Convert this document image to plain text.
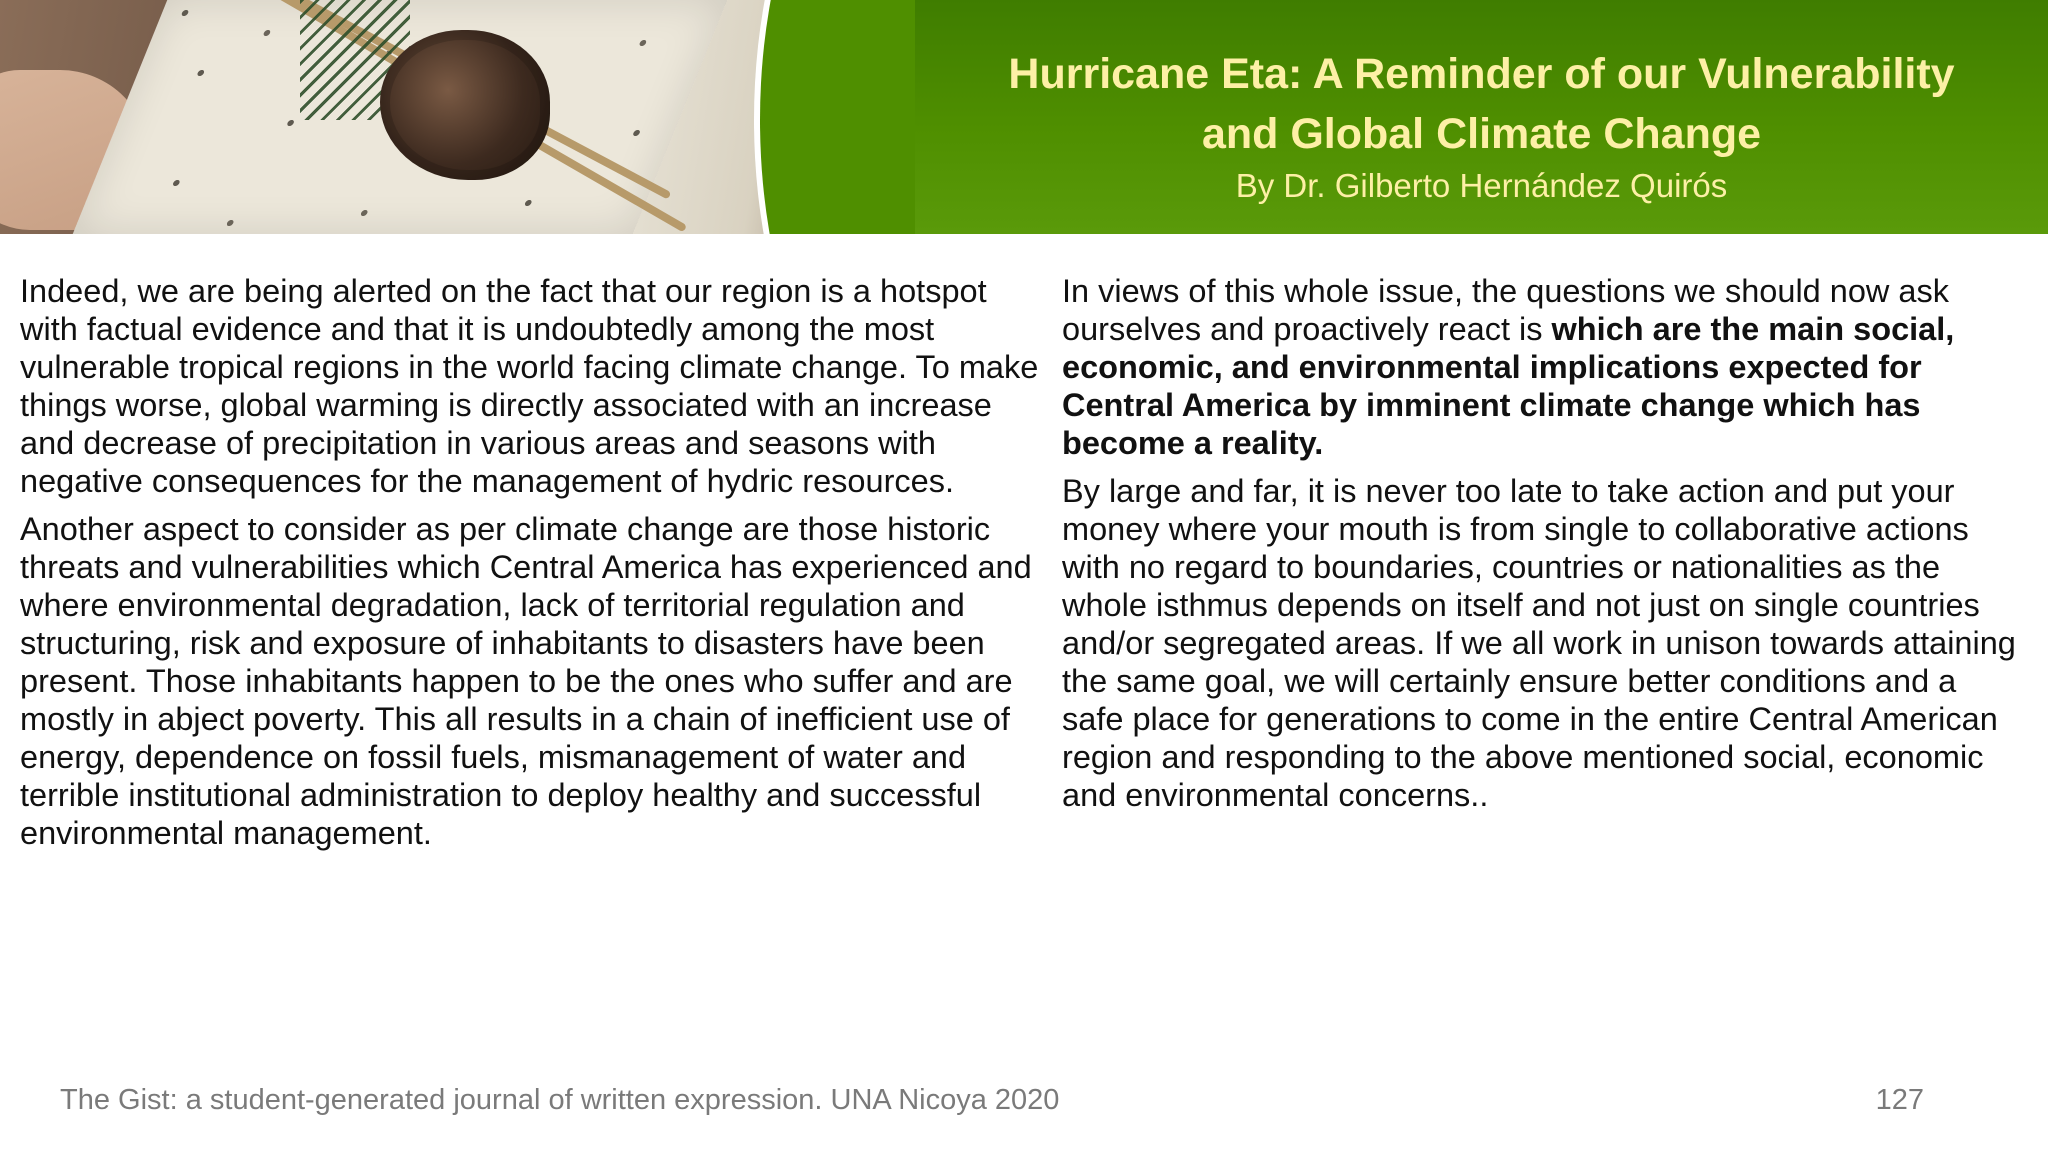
Hurricane Eta: A Reminder of our Vulnerability
and Global Climate Change
By Dr. Gilberto Hernández Quirós

Indeed, we are being alerted on the fact that our region is a hotspot with factual evidence and that it is undoubtedly among the most vulnerable tropical regions in the world facing climate change. To make things worse, global warming is directly associated with an increase and decrease of precipitation in various areas and seasons with negative consequences for the management of hydric resources.

Another aspect to consider as per climate change are those historic threats and vulnerabilities which Central America has experienced and where environmental degradation, lack of territorial regulation and structuring, risk and exposure of inhabitants to disasters have been present. Those inhabitants happen to be the ones who suffer and are mostly in abject poverty. This all results in a chain of inefficient use of energy, dependence on fossil fuels, mismanagement of water and terrible institutional administration to deploy healthy and successful environmental management.

In views of this whole issue, the questions we should now ask ourselves and proactively react is which are the main social, economic, and environmental implications expected for Central America by imminent climate change which has become a reality.

By large and far, it is never too late to take action and put your money where your mouth is from single to collaborative actions with no regard to boundaries, countries or nationalities as the whole isthmus depends on itself and not just on single countries and/or segregated areas. If we all work in unison towards attaining the same goal, we will certainly ensure better conditions and a safe place for generations to come in the entire Central American region and responding to the above mentioned social, economic and environmental concerns..

The Gist: a student-generated journal of written expression. UNA Nicoya 2020	127
